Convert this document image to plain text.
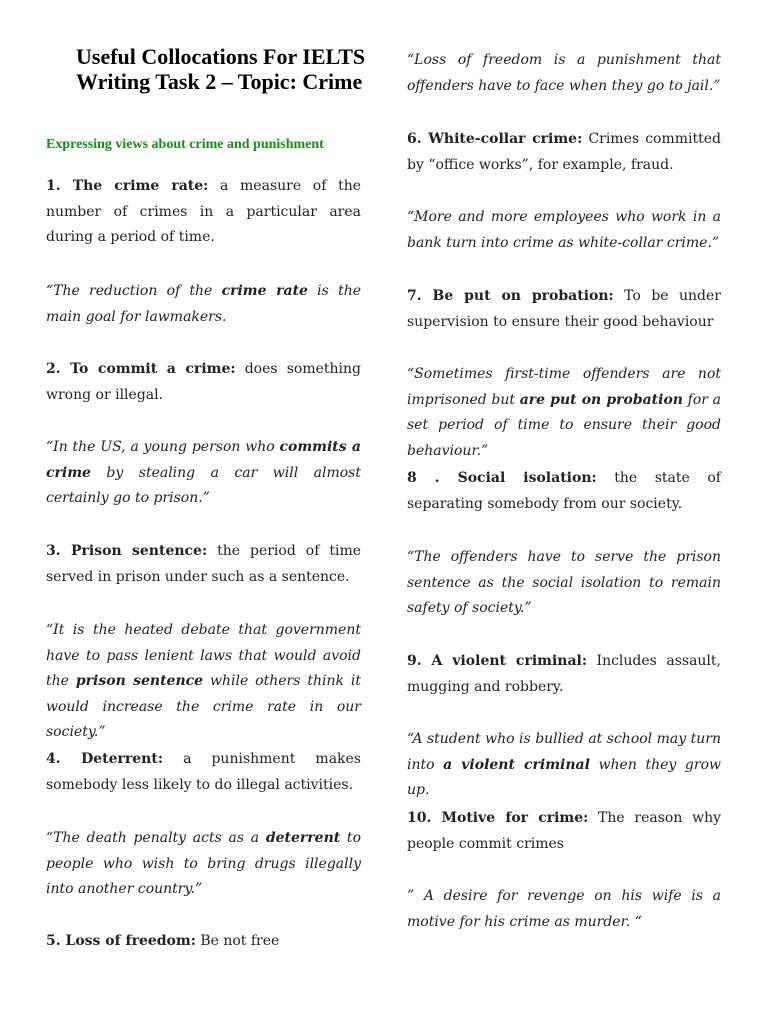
Useful Collocations For IELTS Writing Task 2 – Topic: Crime
Expressing views about crime and punishment
1. The crime rate: a measure of the number of crimes in a particular area during a period of time.
“The reduction of the crime rate is the main goal for lawmakers.
2. To commit a crime: does something wrong or illegal.
“In the US, a young person who commits a crime by stealing a car will almost certainly go to prison.”
3. Prison sentence: the period of time served in prison under such as a sentence.
“It is the heated debate that government have to pass lenient laws that would avoid the prison sentence while others think it would increase the crime rate in our society.”
4. Deterrent: a punishment makes somebody less likely to do illegal activities.
“The death penalty acts as a deterrent to people who wish to bring drugs illegally into another country.”
5. Loss of freedom: Be not free
“Loss of freedom is a punishment that offenders have to face when they go to jail.”
6. White-collar crime: Crimes committed by “office works”, for example, fraud.
“More and more employees who work in a bank turn into crime as white-collar crime.”
7. Be put on probation: To be under supervision to ensure their good behaviour
“Sometimes first-time offenders are not imprisoned but are put on probation for a set period of time to ensure their good behaviour.”
8 . Social isolation: the state of separating somebody from our society.
“The offenders have to serve the prison sentence as the social isolation to remain safety of society.”
9. A violent criminal: Includes assault, mugging and robbery.
“A student who is bullied at school may turn into a violent criminal when they grow up.
10. Motive for crime: The reason why people commit crimes
” A desire for revenge on his wife is a motive for his crime as murder. “
